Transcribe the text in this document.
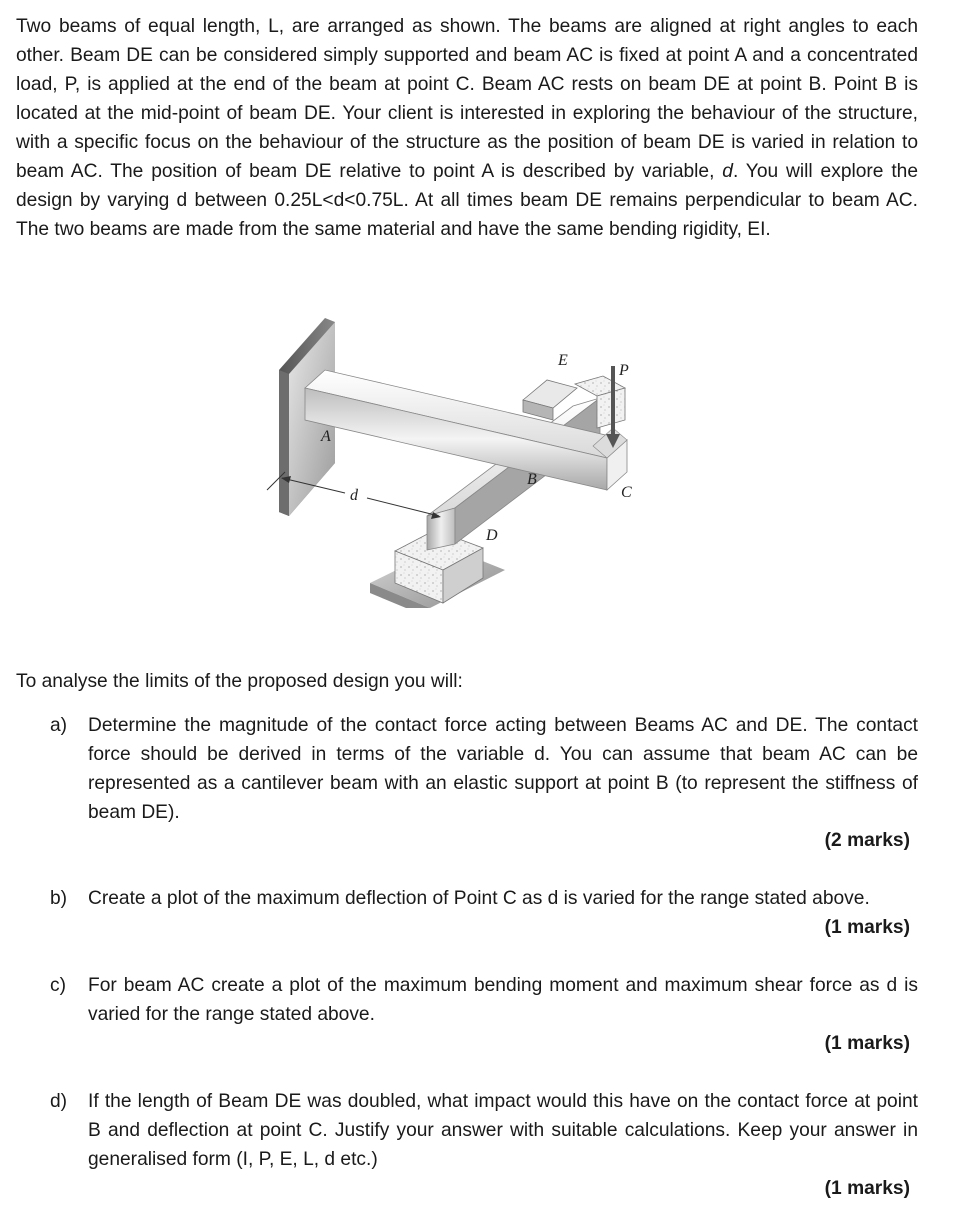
Two beams of equal length, L, are arranged as shown. The beams are aligned at right angles to each other. Beam DE can be considered simply supported and beam AC is fixed at point A and a concentrated load, P, is applied at the end of the beam at point C. Beam AC rests on beam DE at point B. Point B is located at the mid-point of beam DE. Your client is interested in exploring the behaviour of the structure, with a specific focus on the behaviour of the structure as the position of beam DE is varied in relation to beam AC. The position of beam DE relative to point A is described by variable, d. You will explore the design by varying d between 0.25L<d<0.75L. At all times beam DE remains perpendicular to beam AC. The two beams are made from the same material and have the same bending rigidity, EI.

A
B
C
D
E
P
d

To analyse the limits of the proposed design you will:

a) Determine the magnitude of the contact force acting between Beams AC and DE. The contact force should be derived in terms of the variable d. You can assume that beam AC can be represented as a cantilever beam with an elastic support at point B (to represent the stiffness of beam DE).
(2 marks)
b) Create a plot of the maximum deflection of Point C as d is varied for the range stated above.
(1 marks)
c) For beam AC create a plot of the maximum bending moment and maximum shear force as d is varied for the range stated above.
(1 marks)
d) If the length of Beam DE was doubled, what impact would this have on the contact force at point B and deflection at point C. Justify your answer with suitable calculations. Keep your answer in generalised form (I, P, E, L, d etc.)
(1 marks)
